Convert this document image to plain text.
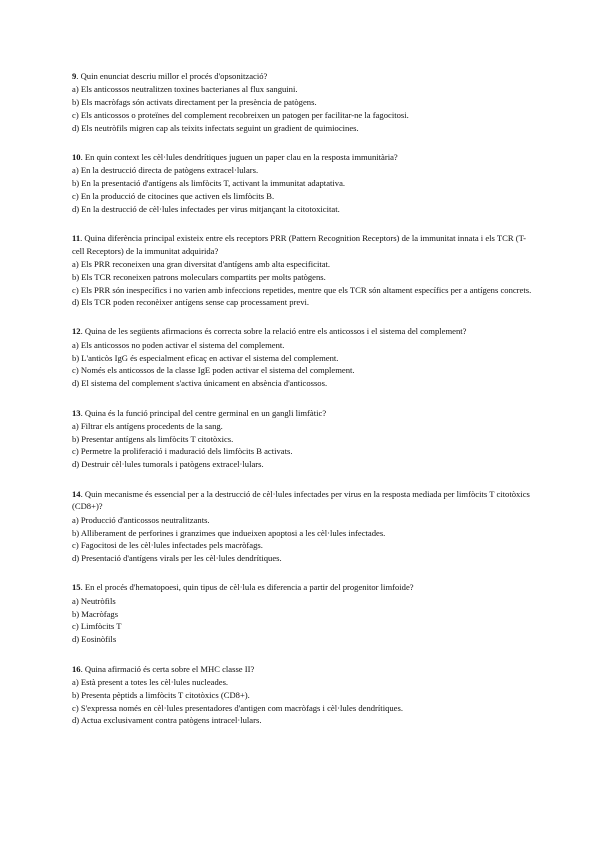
9. Quin enunciat descriu millor el procés d'opsonització?

a) Els anticossos neutralitzen toxines bacterianes al flux sanguini.

b) Els macròfags són activats directament per la presència de patògens.

c) Els anticossos o proteïnes del complement recobreixen un patogen per facilitar-ne la fagocitosi.

d) Els neutròfils migren cap als teixits infectats seguint un gradient de quimiocines.

10. En quin context les cèl·lules dendrítiques juguen un paper clau en la resposta immunitària?

a) En la destrucció directa de patògens extracel·lulars.

b) En la presentació d'antígens als limfòcits T, activant la immunitat adaptativa.

c) En la producció de citocines que activen els limfòcits B.

d) En la destrucció de cèl·lules infectades per virus mitjançant la citotoxicitat.

11. Quina diferència principal existeix entre els receptors PRR (Pattern Recognition Receptors) de la immunitat innata i els TCR (T-cell Receptors) de la immunitat adquirida?

a) Els PRR reconeixen una gran diversitat d'antígens amb alta especificitat.

b) Els TCR reconeixen patrons moleculars compartits per molts patògens.

c) Els PRR són inespecífics i no varien amb infeccions repetides, mentre que els TCR són altament específics per a antígens concrets.

d) Els TCR poden reconèixer antígens sense cap processament previ.

12. Quina de les següents afirmacions és correcta sobre la relació entre els anticossos i el sistema del complement?

a) Els anticossos no poden activar el sistema del complement.

b) L'anticòs IgG és especialment eficaç en activar el sistema del complement.

c) Només els anticossos de la classe IgE poden activar el sistema del complement.

d) El sistema del complement s'activa únicament en absència d'anticossos.

13. Quina és la funció principal del centre germinal en un gangli limfàtic?

a) Filtrar els antígens procedents de la sang.

b) Presentar antígens als limfòcits T citotòxics.

c) Permetre la proliferació i maduració dels limfòcits B activats.

d) Destruir cèl·lules tumorals i patògens extracel·lulars.

14. Quin mecanisme és essencial per a la destrucció de cèl·lules infectades per virus en la resposta mediada per limfòcits T citotòxics (CD8+)?

a) Producció d'anticossos neutralitzants.

b) Alliberament de perforines i granzimes que indueixen apoptosi a les cèl·lules infectades.

c) Fagocitosi de les cèl·lules infectades pels macròfags.

d) Presentació d'antígens virals per les cèl·lules dendrítiques.

15. En el procés d'hematopoesi, quin tipus de cèl·lula es diferencia a partir del progenitor limfoide?

a) Neutròfils

b) Macròfags

c) Limfòcits T

d) Eosinòfils

16. Quina afirmació és certa sobre el MHC classe II?

a) Està present a totes les cèl·lules nucleades.

b) Presenta pèptids a limfòcits T citotòxics (CD8+).

c) S'expressa només en cèl·lules presentadores d'antigen com macròfags i cèl·lules dendrítiques.

d) Actua exclusivament contra patògens intracel·lulars.
